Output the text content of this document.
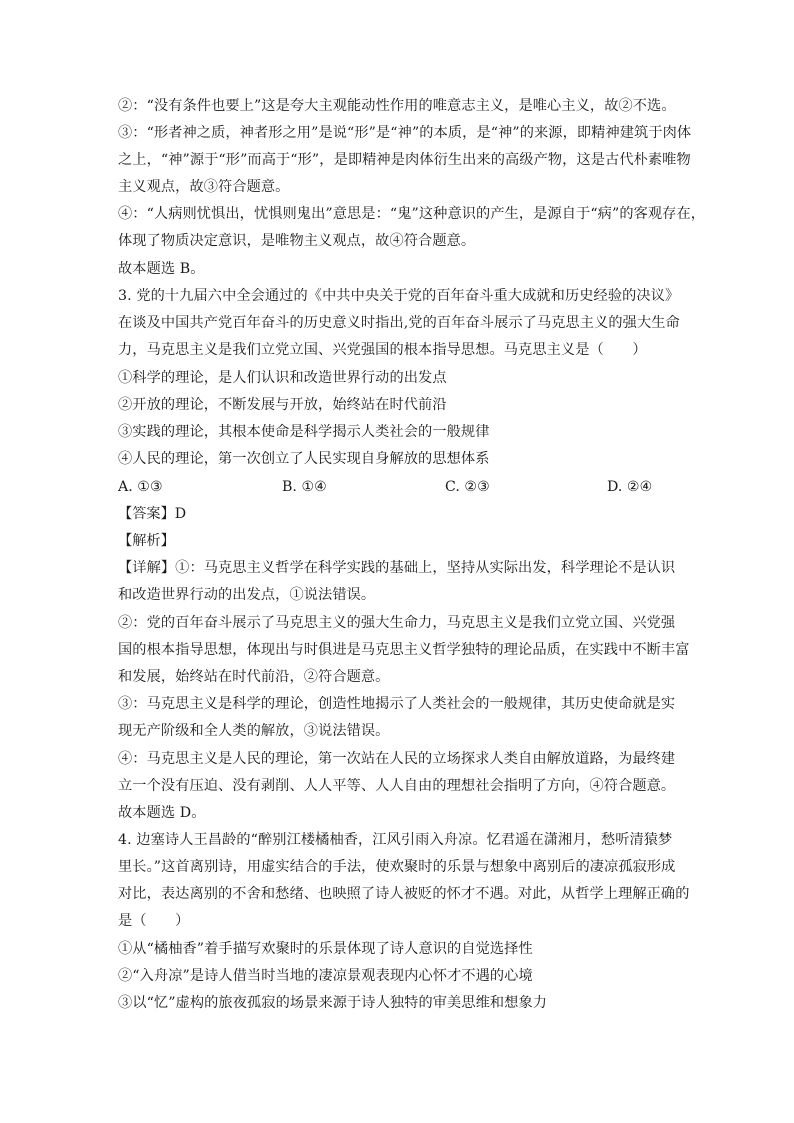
②：“没有条件也要上”这是夸大主观能动性作用的唯意志主义，是唯心主义，故②不选。
③：“形者神之质，神者形之用”是说“形”是“神”的本质，是“神”的来源，即精神建筑于肉体
之上，“神”源于“形”而高于“形”，是即精神是肉体衍生出来的高级产物，这是古代朴素唯物
主义观点，故③符合题意。
④：“人病则忧惧出，忧惧则鬼出”意思是：“鬼”这种意识的产生，是源自于“病”的客观存在，
体现了物质决定意识，是唯物主义观点，故④符合题意。
故本题选 B。
3. 党的十九届六中全会通过的《中共中央关于党的百年奋斗重大成就和历史经验的决议》
在谈及中国共产党百年奋斗的历史意义时指出,党的百年奋斗展示了马克思主义的强大生命
力，马克思主义是我们立党立国、兴党强国的根本指导思想。马克思主义是（　　）
①科学的理论，是人们认识和改造世界行动的出发点
②开放的理论，不断发展与开放，始终站在时代前沿
③实践的理论，其根本使命是科学揭示人类社会的一般规律
④人民的理论，第一次创立了人民实现自身解放的思想体系
A. ①③	B. ①④	C. ②③	D. ②④
【答案】D
【解析】
【详解】①：马克思主义哲学在科学实践的基础上，坚持从实际出发，科学理论不是认识
和改造世界行动的出发点，①说法错误。
②：党的百年奋斗展示了马克思主义的强大生命力，马克思主义是我们立党立国、兴党强
国的根本指导思想，体现出与时俱进是马克思主义哲学独特的理论品质，在实践中不断丰富
和发展，始终站在时代前沿，②符合题意。
③：马克思主义是科学的理论，创造性地揭示了人类社会的一般规律，其历史使命就是实
现无产阶级和全人类的解放，③说法错误。
④：马克思主义是人民的理论，第一次站在人民的立场探求人类自由解放道路，为最终建
立一个没有压迫、没有剥削、人人平等、人人自由的理想社会指明了方向，④符合题意。
故本题选 D。
4. 边塞诗人王昌龄的“醉别江楼橘柚香，江风引雨入舟凉。忆君遥在潇湘月，愁听清猿梦
里长。”这首离别诗，用虚实结合的手法，使欢聚时的乐景与想象中离别后的凄凉孤寂形成
对比，表达离别的不舍和愁绪、也映照了诗人被贬的怀才不遇。对此，从哲学上理解正确的
是（　　）
①从“橘柚香”着手描写欢聚时的乐景体现了诗人意识的自觉选择性
②“入舟凉”是诗人借当时当地的凄凉景观表现内心怀才不遇的心境
③以“忆”虚构的旅夜孤寂的场景来源于诗人独特的审美思维和想象力
